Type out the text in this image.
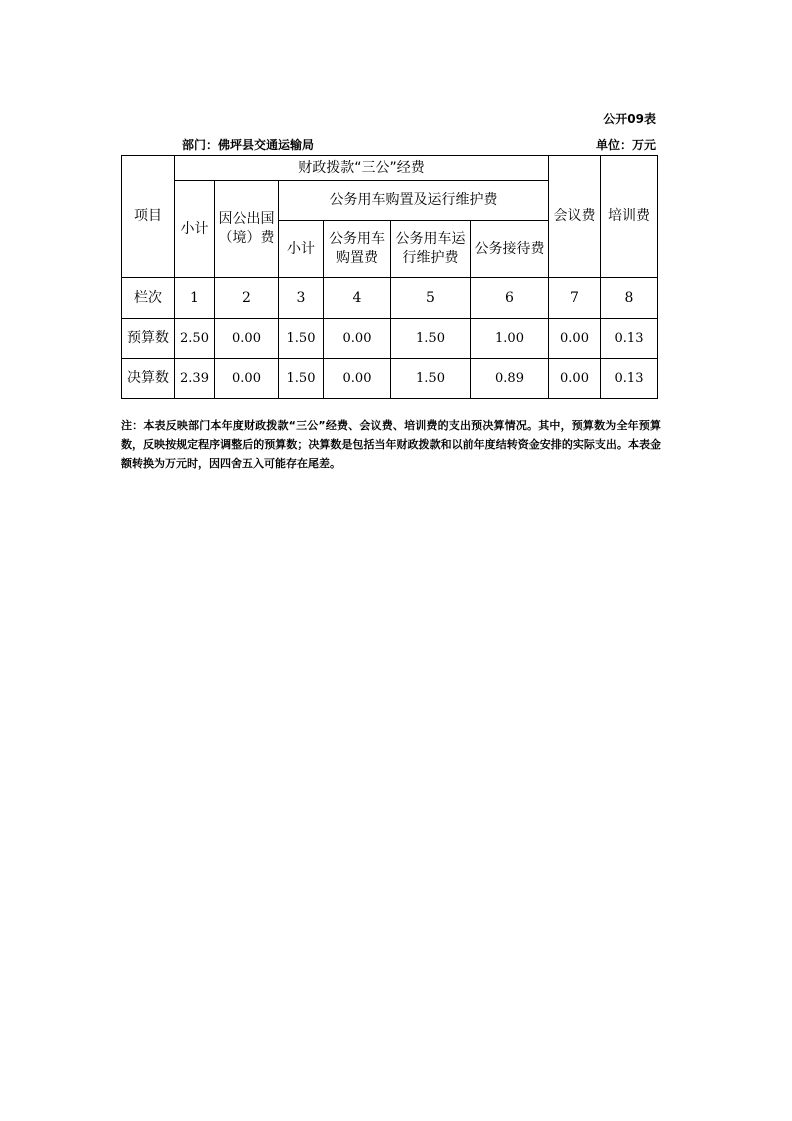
公开09表
部门：佛坪县交通运输局	单位：万元
项目	财政拨款“三公”经费						会议费	培训费
	小计	因公出国（境）费	公务用车购置及运行维护费					
			小计	公务用车购置费	公务用车运行维护费	公务接待费		
栏次	1	2	3	4	5	6	7	8
预算数	2.50	0.00	1.50	0.00	1.50	1.00	0.00	0.13
决算数	2.39	0.00	1.50	0.00	1.50	0.89	0.00	0.13
注：本表反映部门本年度财政拨款“三公”经费、会议费、培训费的支出预决算情况。其中，预算数为全年预算数，反映按规定程序调整后的预算数；决算数是包括当年财政拨款和以前年度结转资金安排的实际支出。本表金额转换为万元时，因四舍五入可能存在尾差。
